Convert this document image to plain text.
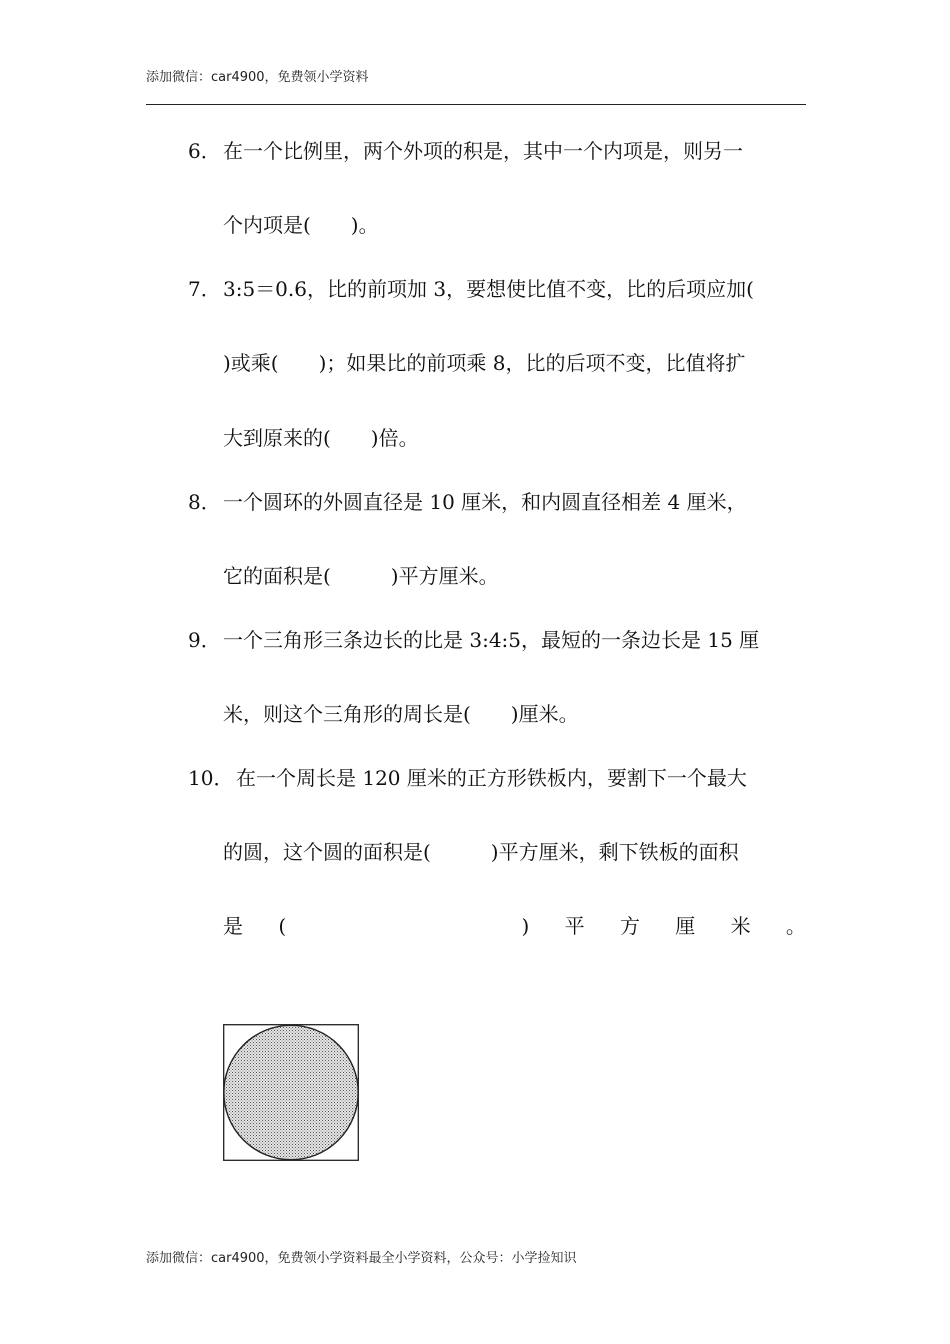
添加微信：car4900，免费领小学资料
6． 在一个比例里，两个外项的积是，其中一个内项是，则另一
个内项是(　　)。
7． 3:5＝0.6，比的前项加 3，要想使比值不变，比的后项应加(
)或乘(　　)；如果比的前项乘 8，比的后项不变，比值将扩
大到原来的(　　)倍。
8． 一个圆环的外圆直径是 10 厘米，和内圆直径相差 4 厘米，
它的面积是(　　　)平方厘米。
9． 一个三角形三条边长的比是 3:4:5，最短的一条边长是 15 厘
米，则这个三角形的周长是(　　)厘米。
10． 在一个周长是 120 厘米的正方形铁板内，要割下一个最大
的圆，这个圆的面积是(　　　)平方厘米，剩下铁板的面积
是 (	) 平 方 厘 米 。
添加微信：car4900，免费领小学资料最全小学资料，公众号：小学捡知识
